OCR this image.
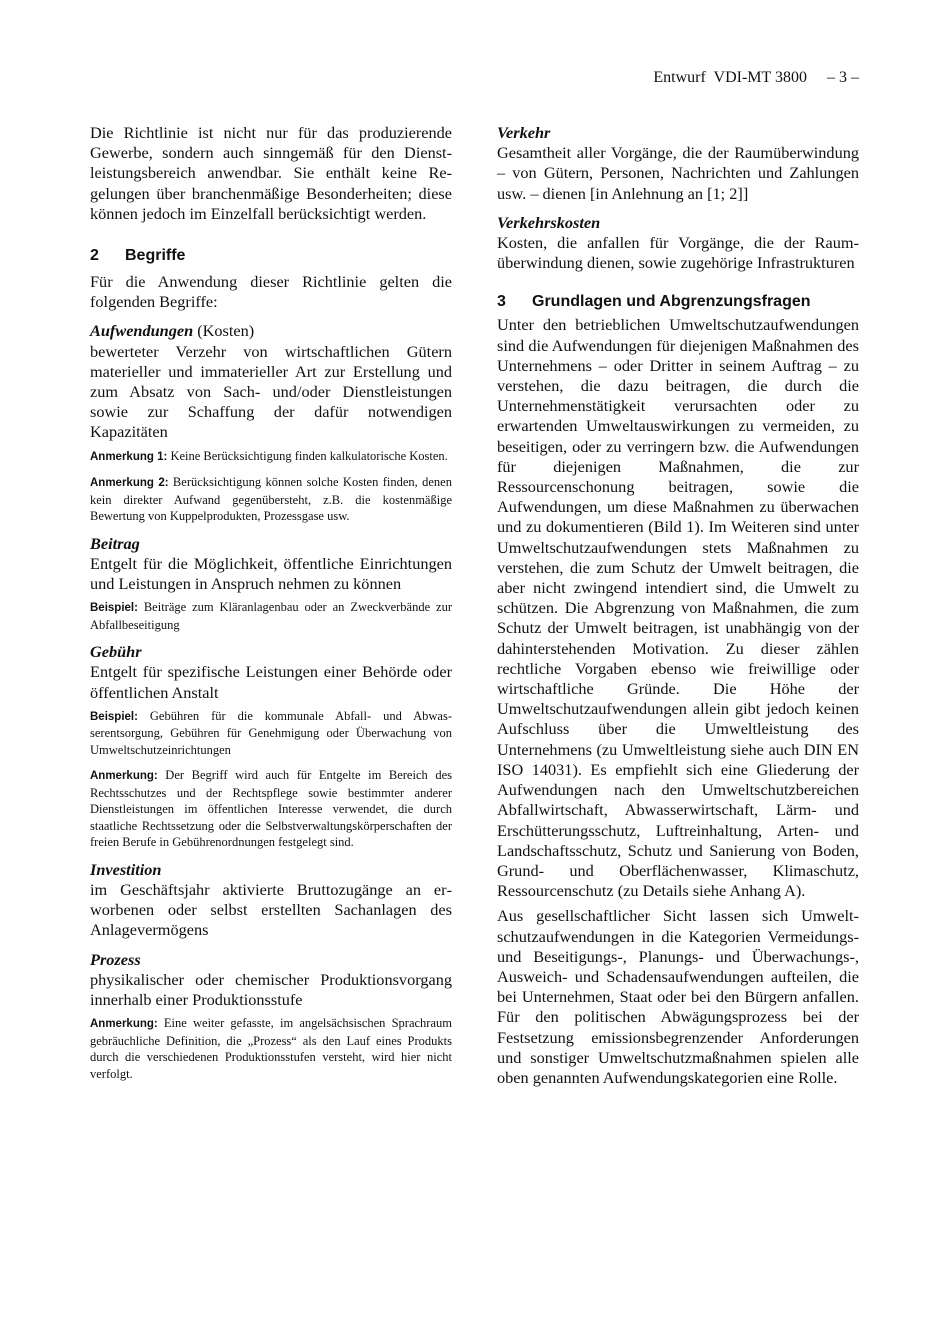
Entwurf  VDI-MT 3800 – 3 –

Die Richtlinie ist nicht nur für das produzierende Gewerbe, sondern auch sinngemäß für den Dienstleistungsbereich anwendbar. Sie enthält keine Regelungen über branchenmäßige Besonderheiten; diese können jedoch im Einzelfall berücksichtigt werden.

2 Begriffe

Für die Anwendung dieser Richtlinie gelten die folgenden Begriffe:

Aufwendungen (Kosten)

bewerteter Verzehr von wirtschaftlichen Gütern materieller und immaterieller Art zur Erstellung und zum Absatz von Sach- und/oder Dienstleistungen sowie zur Schaffung der dafür notwendigen Kapazitäten

Anmerkung 1: Keine Berücksichtigung finden kalkulatorische Kosten.

Anmerkung 2: Berücksichtigung können solche Kosten finden, denen kein direkter Aufwand gegenübersteht, z.B. die kostenmäßige Bewertung von Kuppelprodukten, Prozessgase usw.

Beitrag

Entgelt für die Möglichkeit, öffentliche Einrichtungen und Leistungen in Anspruch nehmen zu können

Beispiel: Beiträge zum Kläranlagenbau oder an Zweckverbände zur Abfallbeseitigung

Gebühr

Entgelt für spezifische Leistungen einer Behörde oder öffentlichen Anstalt

Beispiel: Gebühren für die kommunale Abfall- und Abwasserentsorgung, Gebühren für Genehmigung oder Überwachung von Umweltschutzeinrichtungen

Anmerkung: Der Begriff wird auch für Entgelte im Bereich des Rechtsschutzes und der Rechtspflege sowie bestimmter anderer Dienstleistungen im öffentlichen Interesse verwendet, die durch staatliche Rechtssetzung oder die Selbstverwaltungskörperschaften der freien Berufe in Gebührenordnungen festgelegt sind.

Investition

im Geschäftsjahr aktivierte Bruttozugänge an erworbenen oder selbst erstellten Sachanlagen des Anlagevermögens

Prozess

physikalischer oder chemischer Produktionsvorgang innerhalb einer Produktionsstufe

Anmerkung: Eine weiter gefasste, im angelsächsischen Sprachraum gebräuchliche Definition, die „Prozess“ als den Lauf eines Produkts durch die verschiedenen Produktionsstufen versteht, wird hier nicht verfolgt.

Verkehr

Gesamtheit aller Vorgänge, die der Raumüberwindung – von Gütern, Personen, Nachrichten und Zahlungen usw. – dienen [in Anlehnung an [1; 2]]

Verkehrskosten

Kosten, die anfallen für Vorgänge, die der Raumüberwindung dienen, sowie zugehörige Infrastrukturen

3 Grundlagen und Abgrenzungsfragen

Unter den betrieblichen Umweltschutzaufwendungen sind die Aufwendungen für diejenigen Maßnahmen des Unternehmens – oder Dritter in seinem Auftrag – zu verstehen, die dazu beitragen, die durch die Unternehmenstätigkeit verursachten oder zu erwartenden Umweltauswirkungen zu vermeiden, zu beseitigen, oder zu verringern bzw. die Aufwendungen für diejenigen Maßnahmen, die zur Ressourcenschonung beitragen, sowie die Aufwendungen, um diese Maßnahmen zu überwachen und zu dokumentieren (Bild 1). Im Weiteren sind unter Umweltschutzaufwendungen stets Maßnahmen zu verstehen, die zum Schutz der Umwelt beitragen, die aber nicht zwingend intendiert sind, die Umwelt zu schützen. Die Abgrenzung von Maßnahmen, die zum Schutz der Umwelt beitragen, ist unabhängig von der dahinterstehenden Motivation. Zu dieser zählen rechtliche Vorgaben ebenso wie freiwillige oder wirtschaftliche Gründe. Die Höhe der Umweltschutzaufwendungen allein gibt jedoch keinen Aufschluss über die Umweltleistung des Unternehmens (zu Umweltleistung siehe auch DIN EN ISO 14031). Es empfiehlt sich eine Gliederung der Aufwendungen nach den Umweltschutzbereichen Abfallwirtschaft, Abwasserwirtschaft, Lärm- und Erschütterungsschutz, Luftreinhaltung, Arten- und Landschaftsschutz, Schutz und Sanierung von Boden, Grund- und Oberflächenwasser, Klimaschutz, Ressourcenschutz (zu Details siehe Anhang A).

Aus gesellschaftlicher Sicht lassen sich Umweltschutzaufwendungen in die Kategorien Vermeidungs- und Beseitigungs-, Planungs- und Überwachungs-, Ausweich- und Schadensaufwendungen aufteilen, die bei Unternehmen, Staat oder bei den Bürgern anfallen. Für den politischen Abwägungsprozess bei der Festsetzung emissionsbegrenzender Anforderungen und sonstiger Umweltschutzmaßnahmen spielen alle oben genannten Aufwendungskategorien eine Rolle.
